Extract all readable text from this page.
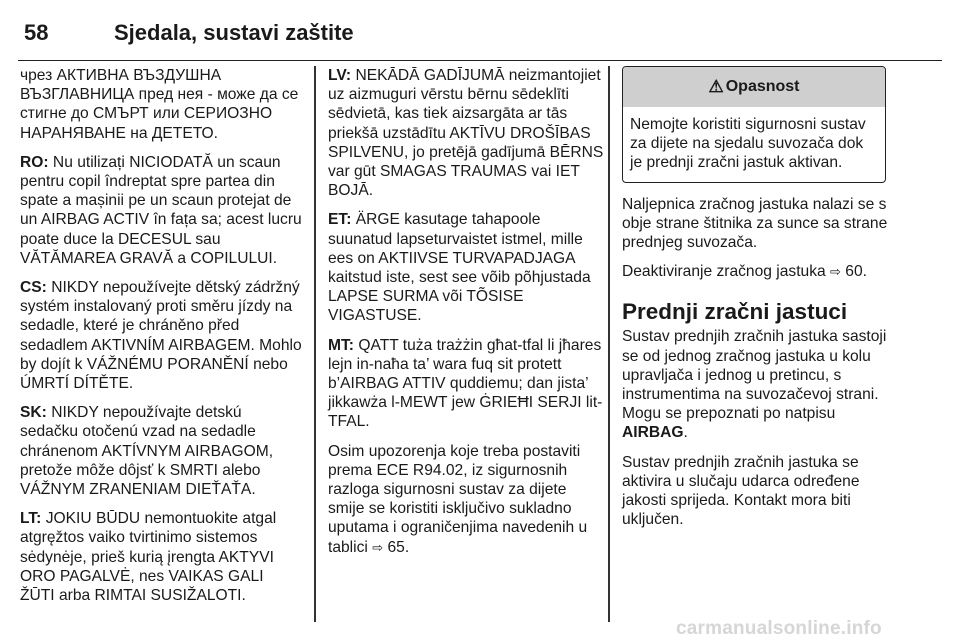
58	Sjedala, sustavi zaštite

чрез АКТИВНА ВЪЗДУШНА ВЪЗГЛАВНИЦА пред нея - може да се стигне до СМЪРТ или СЕРИОЗНО НАРАНЯВАНЕ на ДЕТЕТО.

RO: Nu utilizați NICIODATĂ un scaun pentru copil îndreptat spre partea din spate a mașinii pe un scaun protejat de un AIRBAG ACTIV în fața sa; acest lucru poate duce la DECESUL sau VĂTĂMAREA GRAVĂ a COPILULUI.

CS: NIKDY nepoužívejte dětský zádržný systém instalovaný proti směru jízdy na sedadle, které je chráněno před sedadlem AKTIVNÍM AIRBAGEM. Mohlo by dojít k VÁŽNÉMU PORANĚNÍ nebo ÚMRTÍ DÍTĚTE.

SK: NIKDY nepoužívajte detskú sedačku otočenú vzad na sedadle chránenom AKTÍVNYM AIRBAGOM, pretože môže dôjsť k SMRTI alebo VÁŽNYM ZRANENIAM DIEŤAŤA.

LT: JOKIU BŪDU nemontuokite atgal atgręžtos vaiko tvirtinimo sistemos sėdynėje, prieš kurią įrengta AKTYVI ORO PAGALVĖ, nes VAIKAS GALI ŽŪTI arba RIMTAI SUSIŽALOTI.

LV: NEKĀDĀ GADĪJUMĀ neizmantojiet uz aizmuguri vērstu bērnu sēdeklīti sēdvietā, kas tiek aizsargāta ar tās priekšā uzstādītu AKTĪVU DROŠĪBAS SPILVENU, jo pretējā gadījumā BĒRNS var gūt SMAGAS TRAUMAS vai IET BOJĀ.

ET: ÄRGE kasutage tahapoole suunatud lapseturvaistet istmel, mille ees on AKTIIVSE TURVAPADJAGA kaitstud iste, sest see võib põhjustada LAPSE SURMA või TÕSISE VIGASTUSE.

MT: QATT tuża trażżin għat-tfal li jħares lejn in-naħa ta’ wara fuq sit protett b’AIRBAG ATTIV quddiemu; dan jista’ jikkawża l-MEWT jew ĠRIEĦI SERJI lit-TFAL.

Osim upozorenja koje treba postaviti prema ECE R94.02, iz sigurnosnih razloga sigurnosni sustav za dijete smije se koristiti isključivo sukladno uputama i ograničenjima navedenih u tablici ⇨ 65.

⚠ Opasnost
Nemojte koristiti sigurnosni sustav za dijete na sjedalu suvozača dok je prednji zračni jastuk aktivan.

Naljepnica zračnog jastuka nalazi se s obje strane štitnika za sunce sa strane prednjeg suvozača.

Deaktiviranje zračnog jastuka ⇨ 60.

Prednji zračni jastuci

Sustav prednjih zračnih jastuka sastoji se od jednog zračnog jastuka u kolu upravljača i jednog u pretincu, s instrumentima na suvozačevoj strani. Mogu se prepoznati po natpisu AIRBAG.

Sustav prednjih zračnih jastuka se aktivira u slučaju udarca određene jakosti sprijeda. Kontakt mora biti uključen.

carmanualsonline.info
